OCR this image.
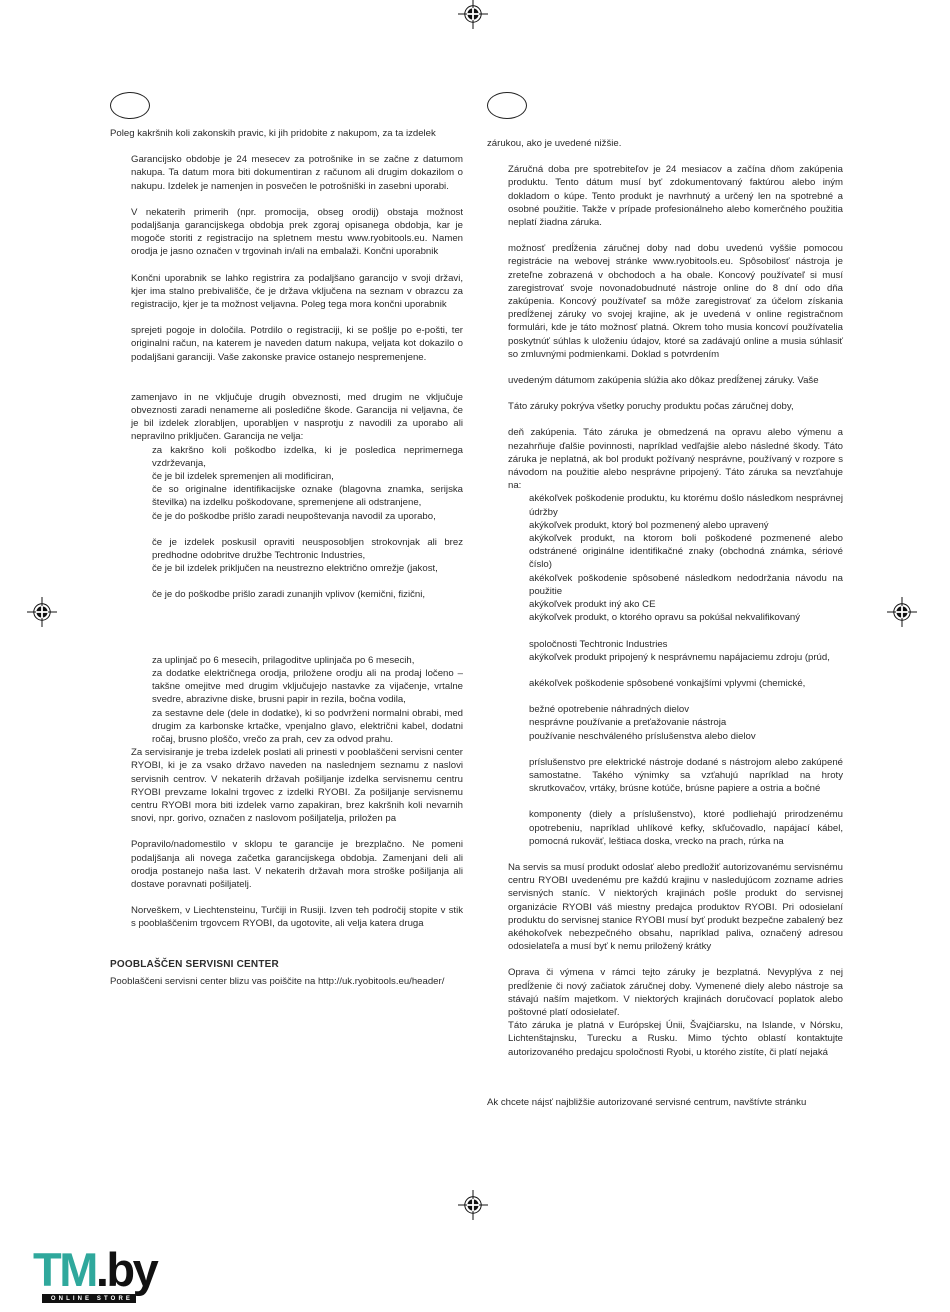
Poleg kakršnih koli zakonskih pravic, ki jih pridobite z nakupom, za ta izdelek

Garancijsko obdobje je 24 mesecev za potrošnike in se začne z datumom nakupa. Ta datum mora biti dokumentiran z računom ali drugim dokazilom o nakupu. Izdelek je namenjen in posvečen le potrošniški in zasebni uporabi.

V nekaterih primerih (npr. promocija, obseg orodij) obstaja možnost podaljšanja garancijskega obdobja prek zgoraj opisanega obdobja, kar je mogoče storiti z registracijo na spletnem mestu www.ryobitools.eu. Namen orodja je jasno označen v trgovinah in/ali na embalaži. Končni uporabnik

Končni uporabnik se lahko registrira za podaljšano garancijo v svoji državi, kjer ima stalno prebivališče, če je država vključena na seznam v obrazcu za registracijo, kjer je ta možnost veljavna. Poleg tega mora končni uporabnik

sprejeti pogoje in določila. Potrdilo o registraciji, ki se pošlje po e-pošti, ter originalni račun, na katerem je naveden datum nakupa, veljata kot dokazilo o podaljšani garanciji. Vaše zakonske pravice ostanejo nespremenjene.

zamenjavo in ne vključuje drugih obveznosti, med drugim ne vključuje obveznosti zaradi nenamerne ali posledične škode. Garancija ni veljavna, če je bil izdelek zlorabljen, uporabljen v nasprotju z navodili za uporabo ali nepravilno priključen. Garancija ne velja:

za kakršno koli poškodbo izdelka, ki je posledica neprimernega vzdrževanja,

če je bil izdelek spremenjen ali modificiran,

če so originalne identifikacijske oznake (blagovna znamka, serijska številka) na izdelku poškodovane, spremenjene ali odstranjene,

če je do poškodbe prišlo zaradi neupoštevanja navodil za uporabo,

če je izdelek poskusil opraviti neusposobljen strokovnjak ali brez predhodne odobritve družbe Techtronic Industries,

če je bil izdelek priključen na neustrezno električno omrežje (jakost,

če je do poškodbe prišlo zaradi zunanjih vplivov (kemični, fizični,

za uplinjač po 6 mesecih, prilagoditve uplinjača po 6 mesecih,

za dodatke električnega orodja, priložene orodju ali na prodaj ločeno – takšne omejitve med drugim vključujejo nastavke za vijačenje, vrtalne svedre, abrazivne diske, brusni papir in rezila, bočna vodila,

za sestavne dele (dele in dodatke), ki so podvrženi normalni obrabi, med drugim za karbonske krtačke, vpenjalno glavo, električni kabel, dodatni ročaj, brusno ploščo, vrečo za prah, cev za odvod prahu.

Za servisiranje je treba izdelek poslati ali prinesti v pooblaščeni servisni center RYOBI, ki je za vsako državo naveden na naslednjem seznamu z naslovi servisnih centrov. V nekaterih državah pošiljanje izdelka servisnemu centru RYOBI prevzame lokalni trgovec z izdelki RYOBI. Za pošiljanje servisnemu centru RYOBI mora biti izdelek varno zapakiran, brez kakršnih koli nevarnih snovi, npr. gorivo, označen z naslovom pošiljatelja, priložen pa

Popravilo/nadomestilo v sklopu te garancije je brezplačno. Ne pomeni podaljšanja ali novega začetka garancijskega obdobja. Zamenjani deli ali orodja postanejo naša last. V nekaterih državah mora stroške pošiljanja ali dostave poravnati pošiljatelj.

Norveškem, v Liechtensteinu, Turčiji in Rusiji. Izven teh področij stopite v stik s pooblaščenim trgovcem RYOBI, da ugotovite, ali velja katera druga

POOBLAŠČEN SERVISNI CENTER

Pooblaščeni servisni center blizu vas poiščite na http://uk.ryobitools.eu/header/

zárukou, ako je uvedené nižšie.

Záručná doba pre spotrebiteľov je 24 mesiacov a začína dňom zakúpenia produktu. Tento dátum musí byť zdokumentovaný faktúrou alebo iným dokladom o kúpe. Tento produkt je navrhnutý a určený len na spotrebné a osobné použitie. Takže v prípade profesionálneho alebo komerčného použitia neplatí žiadna záruka.

možnosť predĺženia záručnej doby nad dobu uvedenú vyššie pomocou registrácie na webovej stránke www.ryobitools.eu. Spôsobilosť nástroja je zreteľne zobrazená v obchodoch a ha obale. Koncový používateľ si musí zaregistrovať svoje novonadobudnuté nástroje online do 8 dní odo dňa zakúpenia. Koncový používateľ sa môže zaregistrovať za účelom získania predĺženej záruky vo svojej krajine, ak je uvedená v online registračnom formulári, kde je táto možnosť platná. Okrem toho musia koncoví používatelia poskytnúť súhlas k uloženiu údajov, ktoré sa zadávajú online a musia súhlasiť so zmluvnými podmienkami. Doklad s potvrdením

uvedeným dátumom zakúpenia slúžia ako dôkaz predĺženej záruky. Vaše

Táto záruky pokrýva všetky poruchy produktu počas záručnej doby,

deň zakúpenia. Táto záruka je obmedzená na opravu alebo výmenu a nezahrňuje ďalšie povinnosti, napríklad vedľajšie alebo následné škody. Táto záruka je neplatná, ak bol produkt požívaný nesprávne, používaný v rozpore s návodom na použitie alebo nesprávne pripojený. Táto záruka sa nevzťahuje na:

akékoľvek poškodenie produktu, ku ktorému došlo následkom nesprávnej údržby

akýkoľvek produkt, ktorý bol pozmenený alebo upravený

akýkoľvek produkt, na ktorom boli poškodené pozmenené alebo odstránené originálne identifikačné znaky (obchodná známka, sériové číslo)

akékoľvek poškodenie spôsobené následkom nedodržania návodu na použitie

akýkoľvek produkt iný ako CE

akýkoľvek produkt, o ktorého opravu sa pokúšal nekvalifikovaný

spoločnosti Techtronic Industries

akýkoľvek produkt pripojený k nesprávnemu napájaciemu zdroju (prúd,

akékoľvek poškodenie spôsobené vonkajšími vplyvmi (chemické,

bežné opotrebenie náhradných dielov

nesprávne používanie a preťažovanie nástroja

používanie neschváleného príslušenstva alebo dielov

príslušenstvo pre elektrické nástroje dodané s nástrojom alebo zakúpené samostatne. Takého výnimky sa vzťahujú napríklad na hroty skrutkovačov, vrtáky, brúsne kotúče, brúsne papiere a ostria a bočné

komponenty (diely a príslušenstvo), ktoré podliehajú prirodzenému opotrebeniu, napríklad uhlíkové kefky, skľučovadlo, napájací kábel, pomocná rukoväť, leštiaca doska, vrecko na prach, rúrka na

Na servis sa musí produkt odoslať alebo predložiť autorizovanému servisnému centru RYOBI uvedenému pre každú krajinu v nasledujúcom zozname adries servisných staníc. V niektorých krajinách pošle produkt do servisnej organizácie RYOBI váš miestny predajca produktov RYOBI. Pri odosielaní produktu do servisnej stanice RYOBI musí byť produkt bezpečne zabalený bez akéhokoľvek nebezpečného obsahu, napríklad paliva, označený adresou odosielateľa a musí byť k nemu priložený krátky

Oprava či výmena v rámci tejto záruky je bezplatná. Nevyplýva z nej predĺženie či nový začiatok záručnej doby. Vymenené diely alebo nástroje sa stávajú naším majetkom. V niektorých krajinách doručovací poplatok alebo poštovné platí odosielateľ.

Táto záruka je platná v Európskej Únii, Švajčiarsku, na Islande, v Nórsku, Lichtenštajnsku, Turecku a Rusku. Mimo týchto oblastí kontaktujte autorizovaného predajcu spoločnosti Ryobi, u ktorého zistíte, či platí nejaká

Ak chcete nájsť najbližšie autorizované servisné centrum, navštívte stránku

TM.by
ONLINE STORE
